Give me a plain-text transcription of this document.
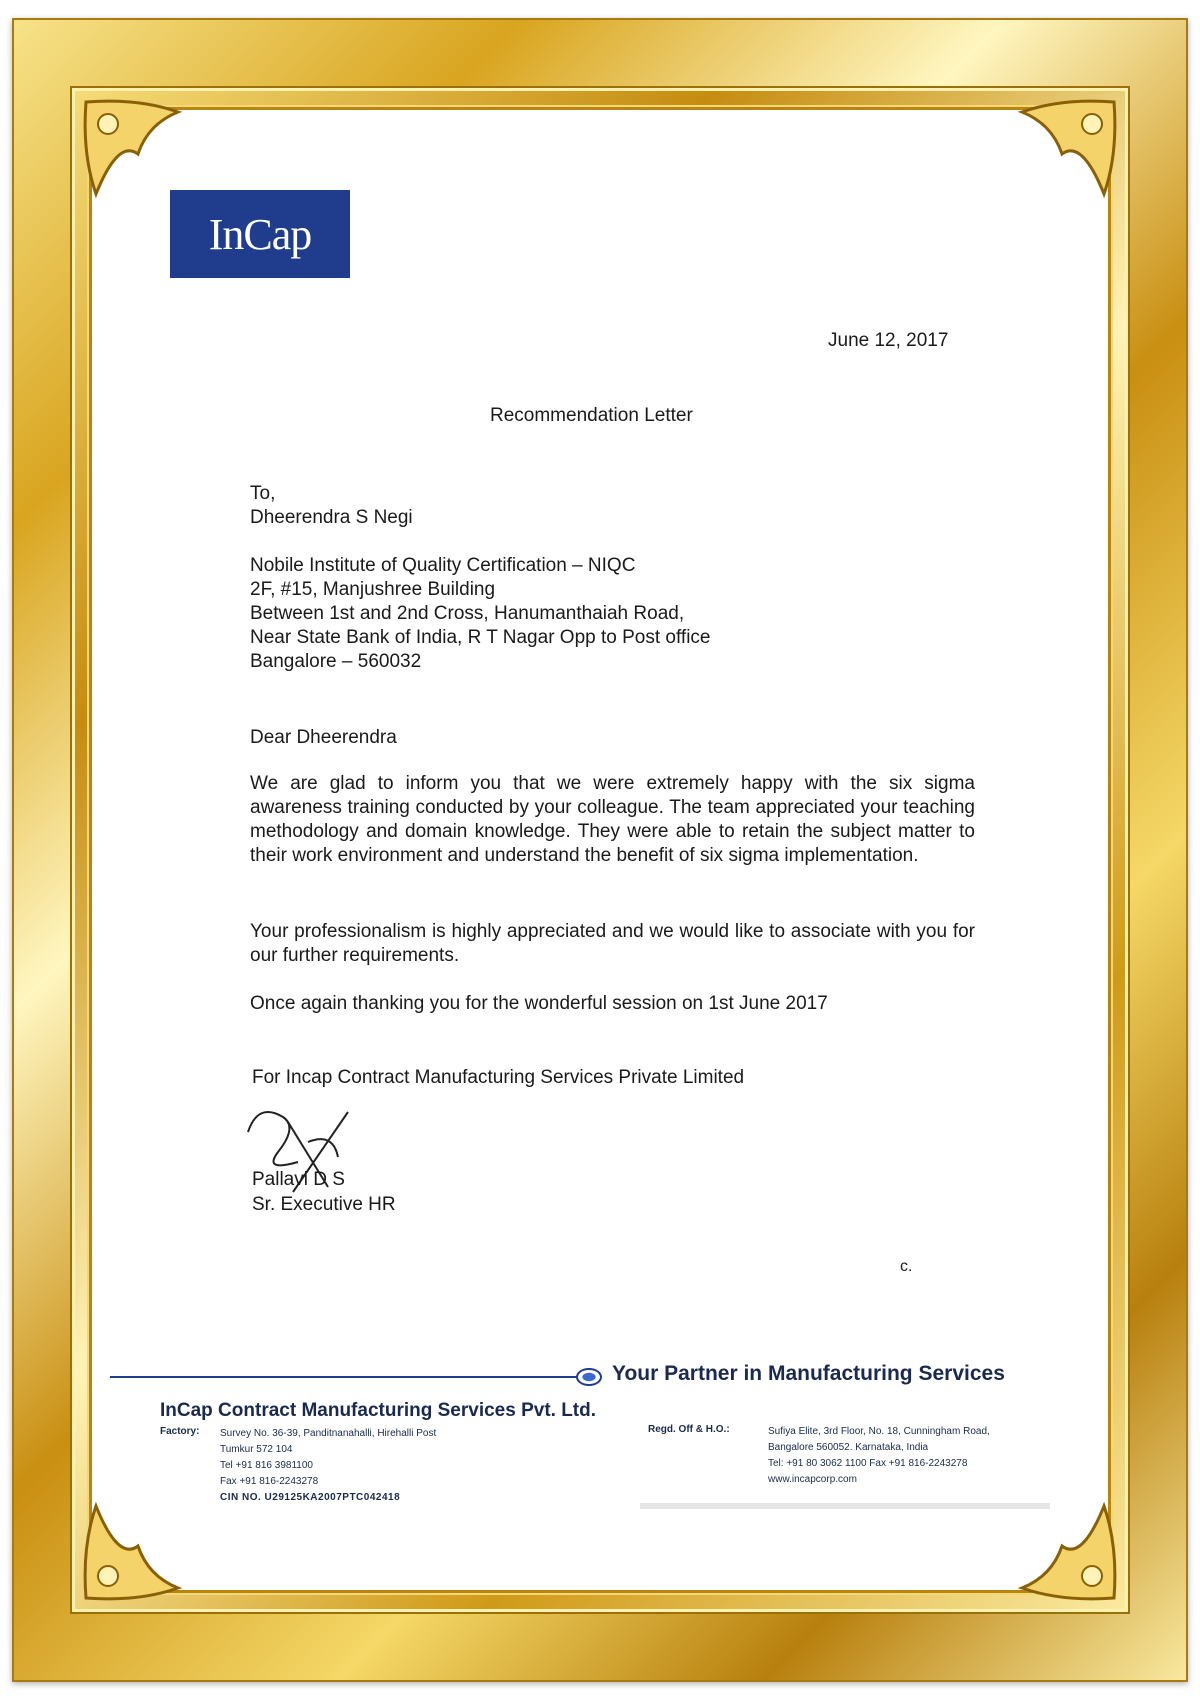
InCap
June 12, 2017
Recommendation Letter
To,
Dheerendra S Negi
Nobile Institute of Quality Certification – NIQC
2F, #15, Manjushree Building
Between 1st and 2nd Cross, Hanumanthaiah Road,
Near State Bank of India, R T Nagar Opp to Post office
Bangalore – 560032
Dear Dheerendra
We are glad to inform you that we were extremely happy with the six sigma awareness training conducted by your colleague. The team appreciated your teaching methodology and domain knowledge. They were able to retain the subject matter to their work environment and understand the benefit of six sigma implementation.
Your professionalism is highly appreciated and we would like to associate with you for our further requirements.
Once again thanking you for the wonderful session on 1st June 2017
For Incap Contract Manufacturing Services Private Limited
Pallavi D S
Sr. Executive HR
c.
Your Partner in Manufacturing Services
InCap Contract Manufacturing Services Pvt. Ltd.
Factory: Survey No. 36-39, Panditnanahalli, Hirehalli Post
Tumkur 572 104
Tel +91 816 3981100
Fax +91 816-2243278
CIN NO. U29125KA2007PTC042418
Regd. Off & H.O.:	Sufiya Elite, 3rd Floor, No. 18, Cunningham Road,
Bangalore 560052. Karnataka, India
Tel: +91 80 3062 1100 Fax +91 816-2243278
www.incapcorp.com
